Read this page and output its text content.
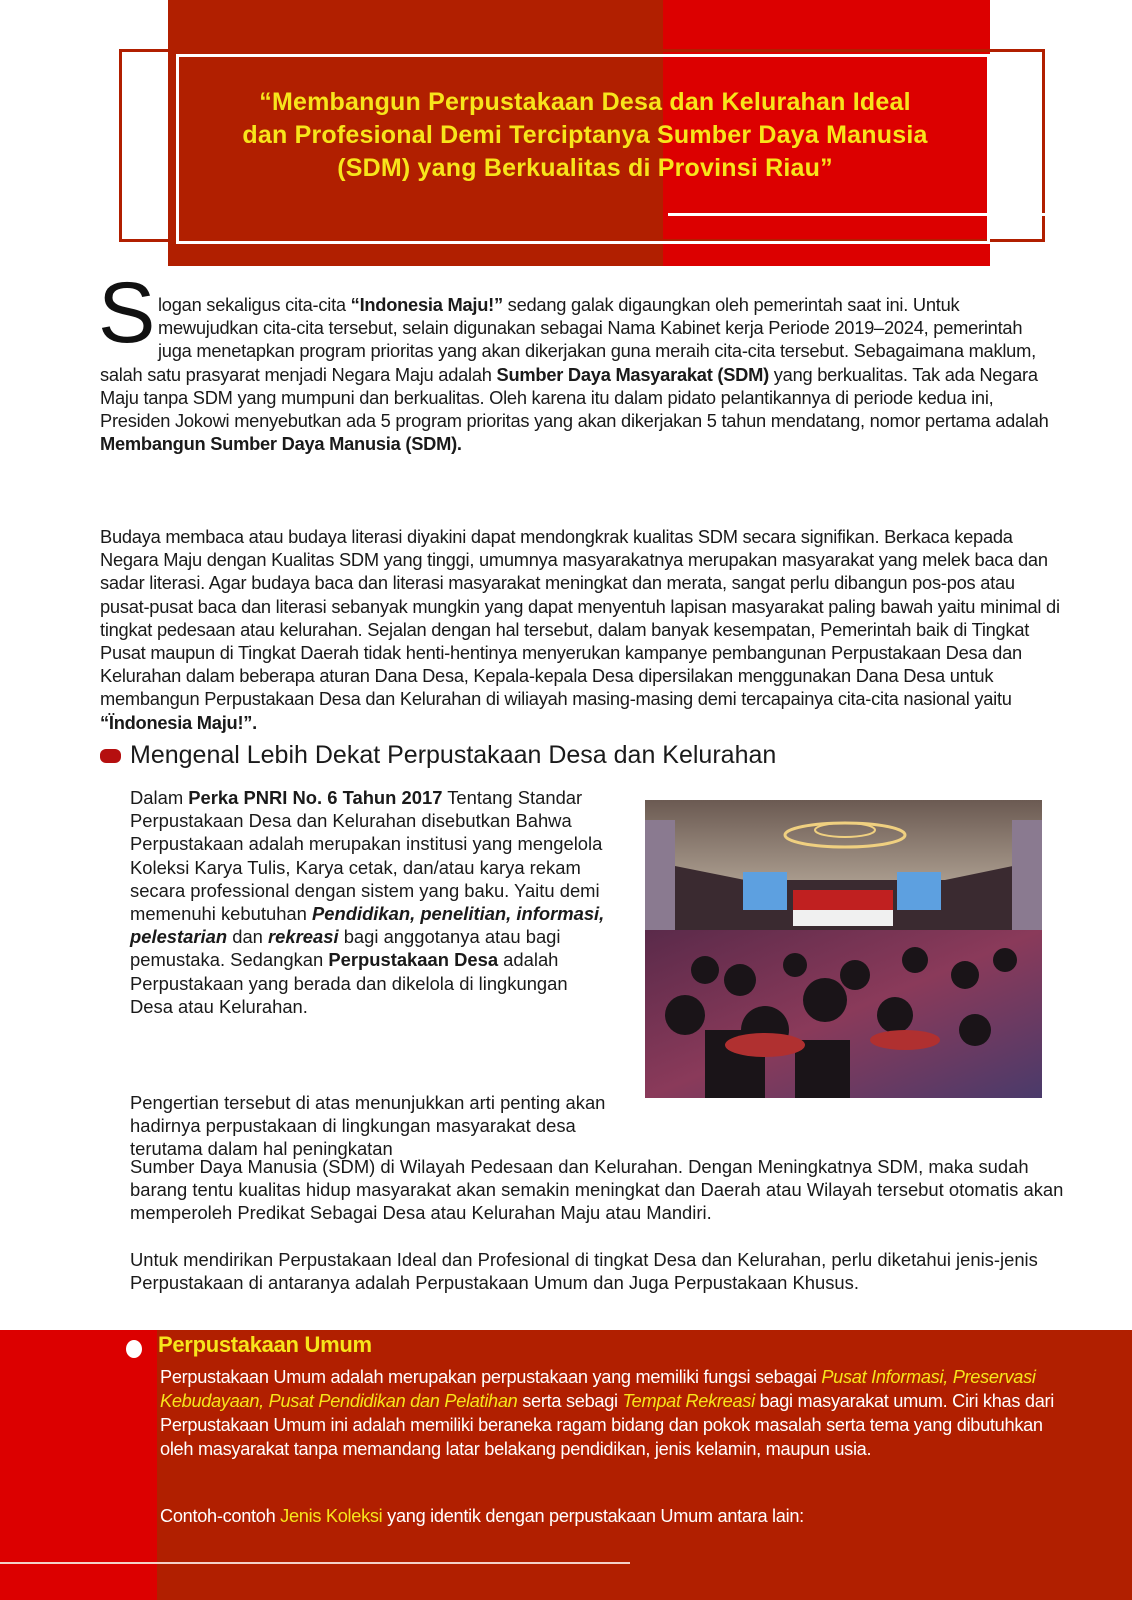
“Membangun Perpustakaan Desa dan Kelurahan Ideal
dan Profesional Demi Terciptanya Sumber Daya Manusia
(SDM) yang Berkualitas di Provinsi Riau”
S logan sekaligus cita-cita “Indonesia Maju!” sedang galak digaungkan oleh pemerintah saat ini. Untuk mewujudkan cita-cita tersebut, selain digunakan sebagai Nama Kabinet kerja Periode 2019–2024, pemerintah juga menetapkan program prioritas yang akan dikerjakan guna meraih cita-cita tersebut. Sebagaimana maklum, salah satu prasyarat menjadi Negara Maju adalah Sumber Daya Masyarakat (SDM) yang berkualitas. Tak ada Negara Maju tanpa SDM yang mumpuni dan berkualitas. Oleh karena itu dalam pidato pelantikannya di periode kedua ini, Presiden Jokowi menyebutkan ada 5 program prioritas yang akan dikerjakan 5 tahun mendatang, nomor pertama adalah Membangun Sumber Daya Manusia (SDM).
Budaya membaca atau budaya literasi diyakini dapat mendongkrak kualitas SDM secara signifikan. Berkaca kepada Negara Maju dengan Kualitas SDM yang tinggi, umumnya masyarakatnya merupakan masyarakat yang melek baca dan sadar literasi. Agar budaya baca dan literasi masyarakat meningkat dan merata, sangat perlu dibangun pos-pos atau pusat-pusat baca dan literasi sebanyak mungkin yang dapat menyentuh lapisan masyarakat paling bawah yaitu minimal di tingkat pedesaan atau kelurahan. Sejalan dengan hal tersebut, dalam banyak kesempatan, Pemerintah baik di Tingkat Pusat maupun di Tingkat Daerah tidak henti-hentinya menyerukan kampanye pembangunan Perpustakaan Desa dan Kelurahan dalam beberapa aturan Dana Desa, Kepala-kepala Desa dipersilakan menggunakan Dana Desa untuk membangun Perpustakaan Desa dan Kelurahan di wiliayah masing-masing demi tercapainya cita-cita nasional yaitu “Ïndonesia Maju!”.
Mengenal Lebih Dekat Perpustakaan Desa dan Kelurahan
Dalam Perka PNRI No. 6 Tahun 2017 Tentang Standar Perpustakaan Desa dan Kelurahan disebutkan Bahwa Perpustakaan adalah merupakan institusi yang mengelola Koleksi Karya Tulis, Karya cetak, dan/atau karya rekam secara professional dengan sistem yang baku. Yaitu demi memenuhi kebutuhan Pendidikan, penelitian, informasi, pelestarian dan rekreasi bagi anggotanya atau bagi pemustaka. Sedangkan Perpustakaan Desa adalah Perpustakaan yang berada dan dikelola di lingkungan Desa atau Kelurahan.
Pengertian tersebut di atas menunjukkan arti penting akan hadirnya perpustakaan di lingkungan masyarakat desa terutama dalam hal peningkatan
Sumber Daya Manusia (SDM) di Wilayah Pedesaan dan Kelurahan. Dengan Meningkatnya SDM, maka sudah barang tentu kualitas hidup masyarakat akan semakin meningkat dan Daerah atau Wilayah tersebut otomatis akan memperoleh Predikat Sebagai Desa atau Kelurahan Maju atau Mandiri.
Untuk mendirikan Perpustakaan Ideal dan Profesional di tingkat Desa dan Kelurahan, perlu diketahui jenis-jenis Perpustakaan di antaranya adalah Perpustakaan Umum dan Juga Perpustakaan Khusus.
Perpustakaan Umum
Perpustakaan Umum adalah merupakan perpustakaan yang memiliki fungsi sebagai Pusat Informasi, Preservasi Kebudayaan, Pusat Pendidikan dan Pelatihan serta sebagi Tempat Rekreasi bagi masyarakat umum. Ciri khas dari Perpustakaan Umum ini adalah memiliki beraneka ragam bidang dan pokok masalah serta tema yang dibutuhkan oleh masyarakat tanpa memandang latar belakang pendidikan, jenis kelamin, maupun usia.
Contoh-contoh Jenis Koleksi yang identik dengan perpustakaan Umum antara lain:
